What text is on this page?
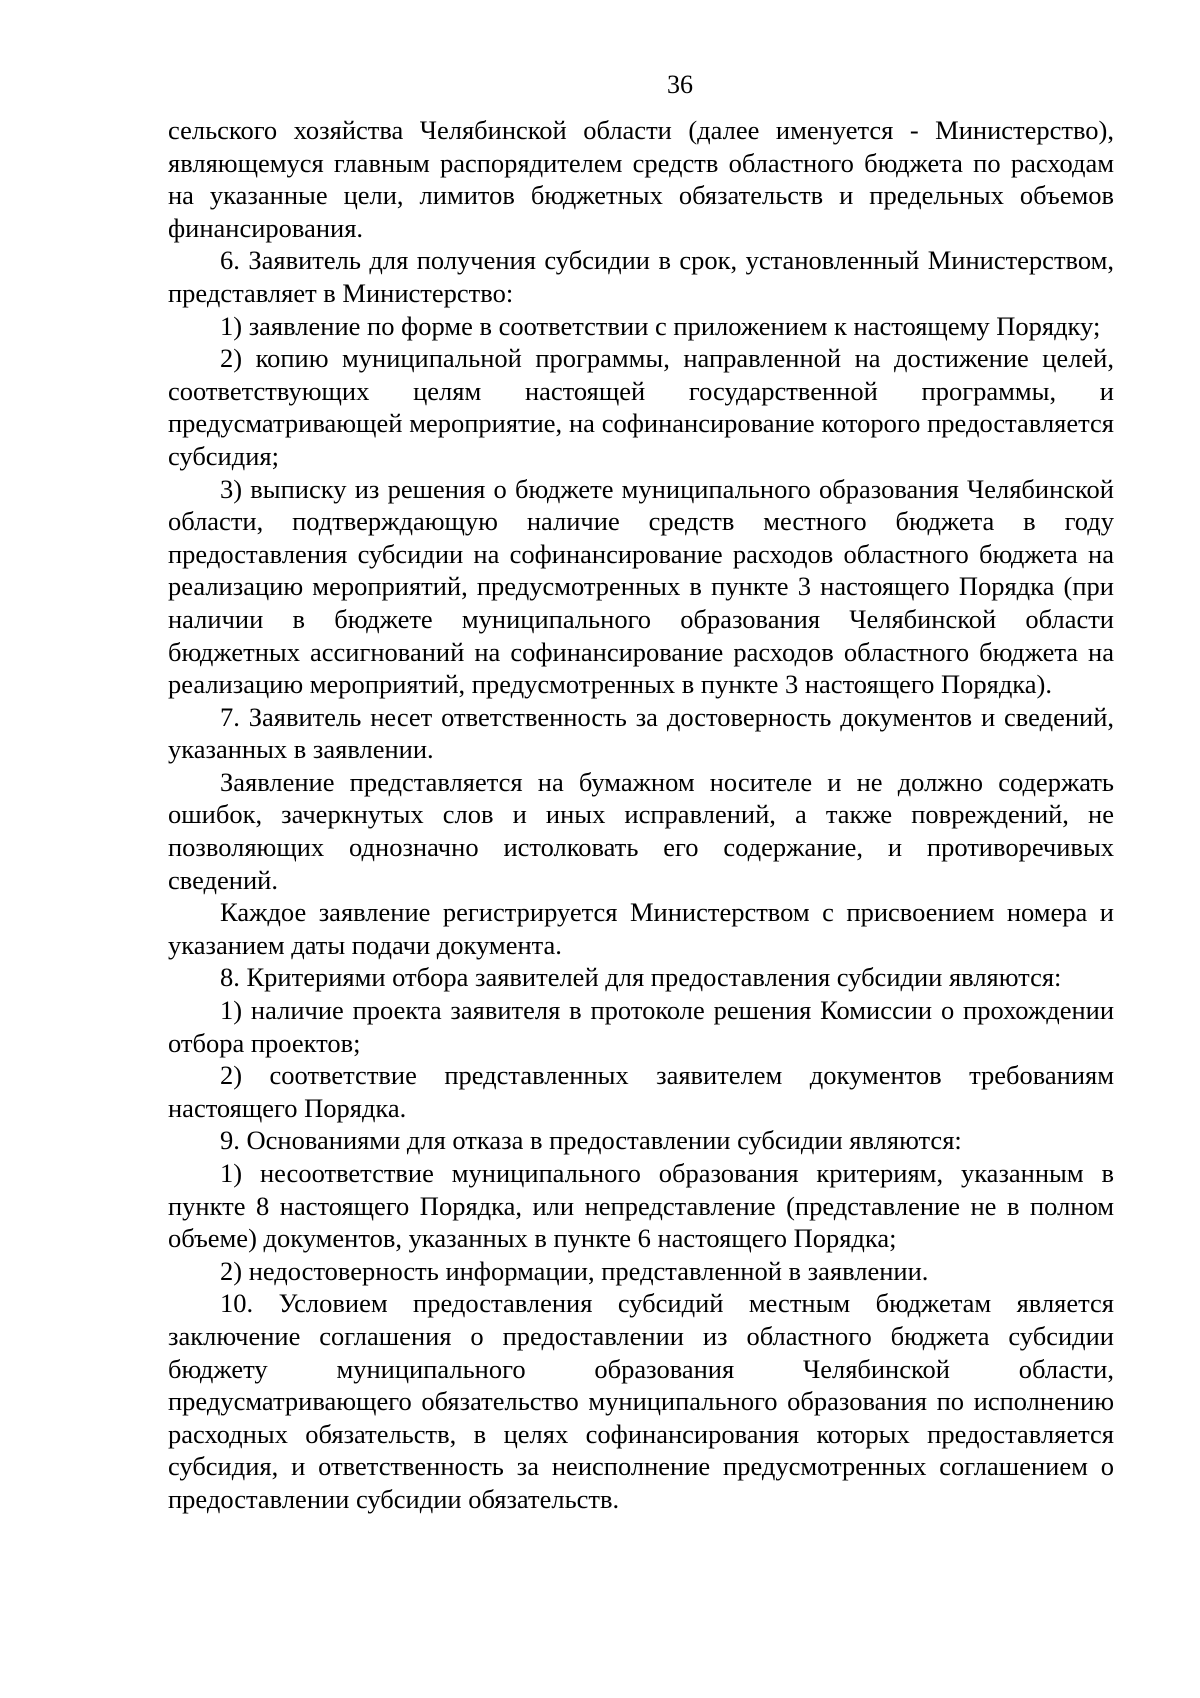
36

сельского хозяйства Челябинской области (далее именуется - Министерство), являющемуся главным распорядителем средств областного бюджета по расходам на указанные цели, лимитов бюджетных обязательств и предельных объемов финансирования.

6. Заявитель для получения субсидии в срок, установленный Министерством, представляет в Министерство:

1) заявление по форме в соответствии с приложением к настоящему Порядку;

2) копию муниципальной программы, направленной на достижение целей, соответствующих целям настоящей государственной программы, и предусматривающей мероприятие, на софинансирование которого предоставляется субсидия;

3) выписку из решения о бюджете муниципального образования Челябинской области, подтверждающую наличие средств местного бюджета в году предоставления субсидии на софинансирование расходов областного бюджета на реализацию мероприятий, предусмотренных в пункте 3 настоящего Порядка (при наличии в бюджете муниципального образования Челябинской области бюджетных ассигнований на софинансирование расходов областного бюджета на реализацию мероприятий, предусмотренных в пункте 3 настоящего Порядка).

7. Заявитель несет ответственность за достоверность документов и сведений, указанных в заявлении.

Заявление представляется на бумажном носителе и не должно содержать ошибок, зачеркнутых слов и иных исправлений, а также повреждений, не позволяющих однозначно истолковать его содержание, и противоречивых сведений.

Каждое заявление регистрируется Министерством с присвоением номера и указанием даты подачи документа.

8. Критериями отбора заявителей для предоставления субсидии являются:

1) наличие проекта заявителя в протоколе решения Комиссии о прохождении отбора проектов;

2) соответствие представленных заявителем документов требованиям настоящего Порядка.

9. Основаниями для отказа в предоставлении субсидии являются:

1) несоответствие муниципального образования критериям, указанным в пункте 8 настоящего Порядка, или непредставление (представление не в полном объеме) документов, указанных в пункте 6 настоящего Порядка;

2) недостоверность информации, представленной в заявлении.

10. Условием предоставления субсидий местным бюджетам является заключение соглашения о предоставлении из областного бюджета субсидии бюджету муниципального образования Челябинской области, предусматривающего обязательство муниципального образования по исполнению расходных обязательств, в целях софинансирования которых предоставляется субсидия, и ответственность за неисполнение предусмотренных соглашением о предоставлении субсидии обязательств.
